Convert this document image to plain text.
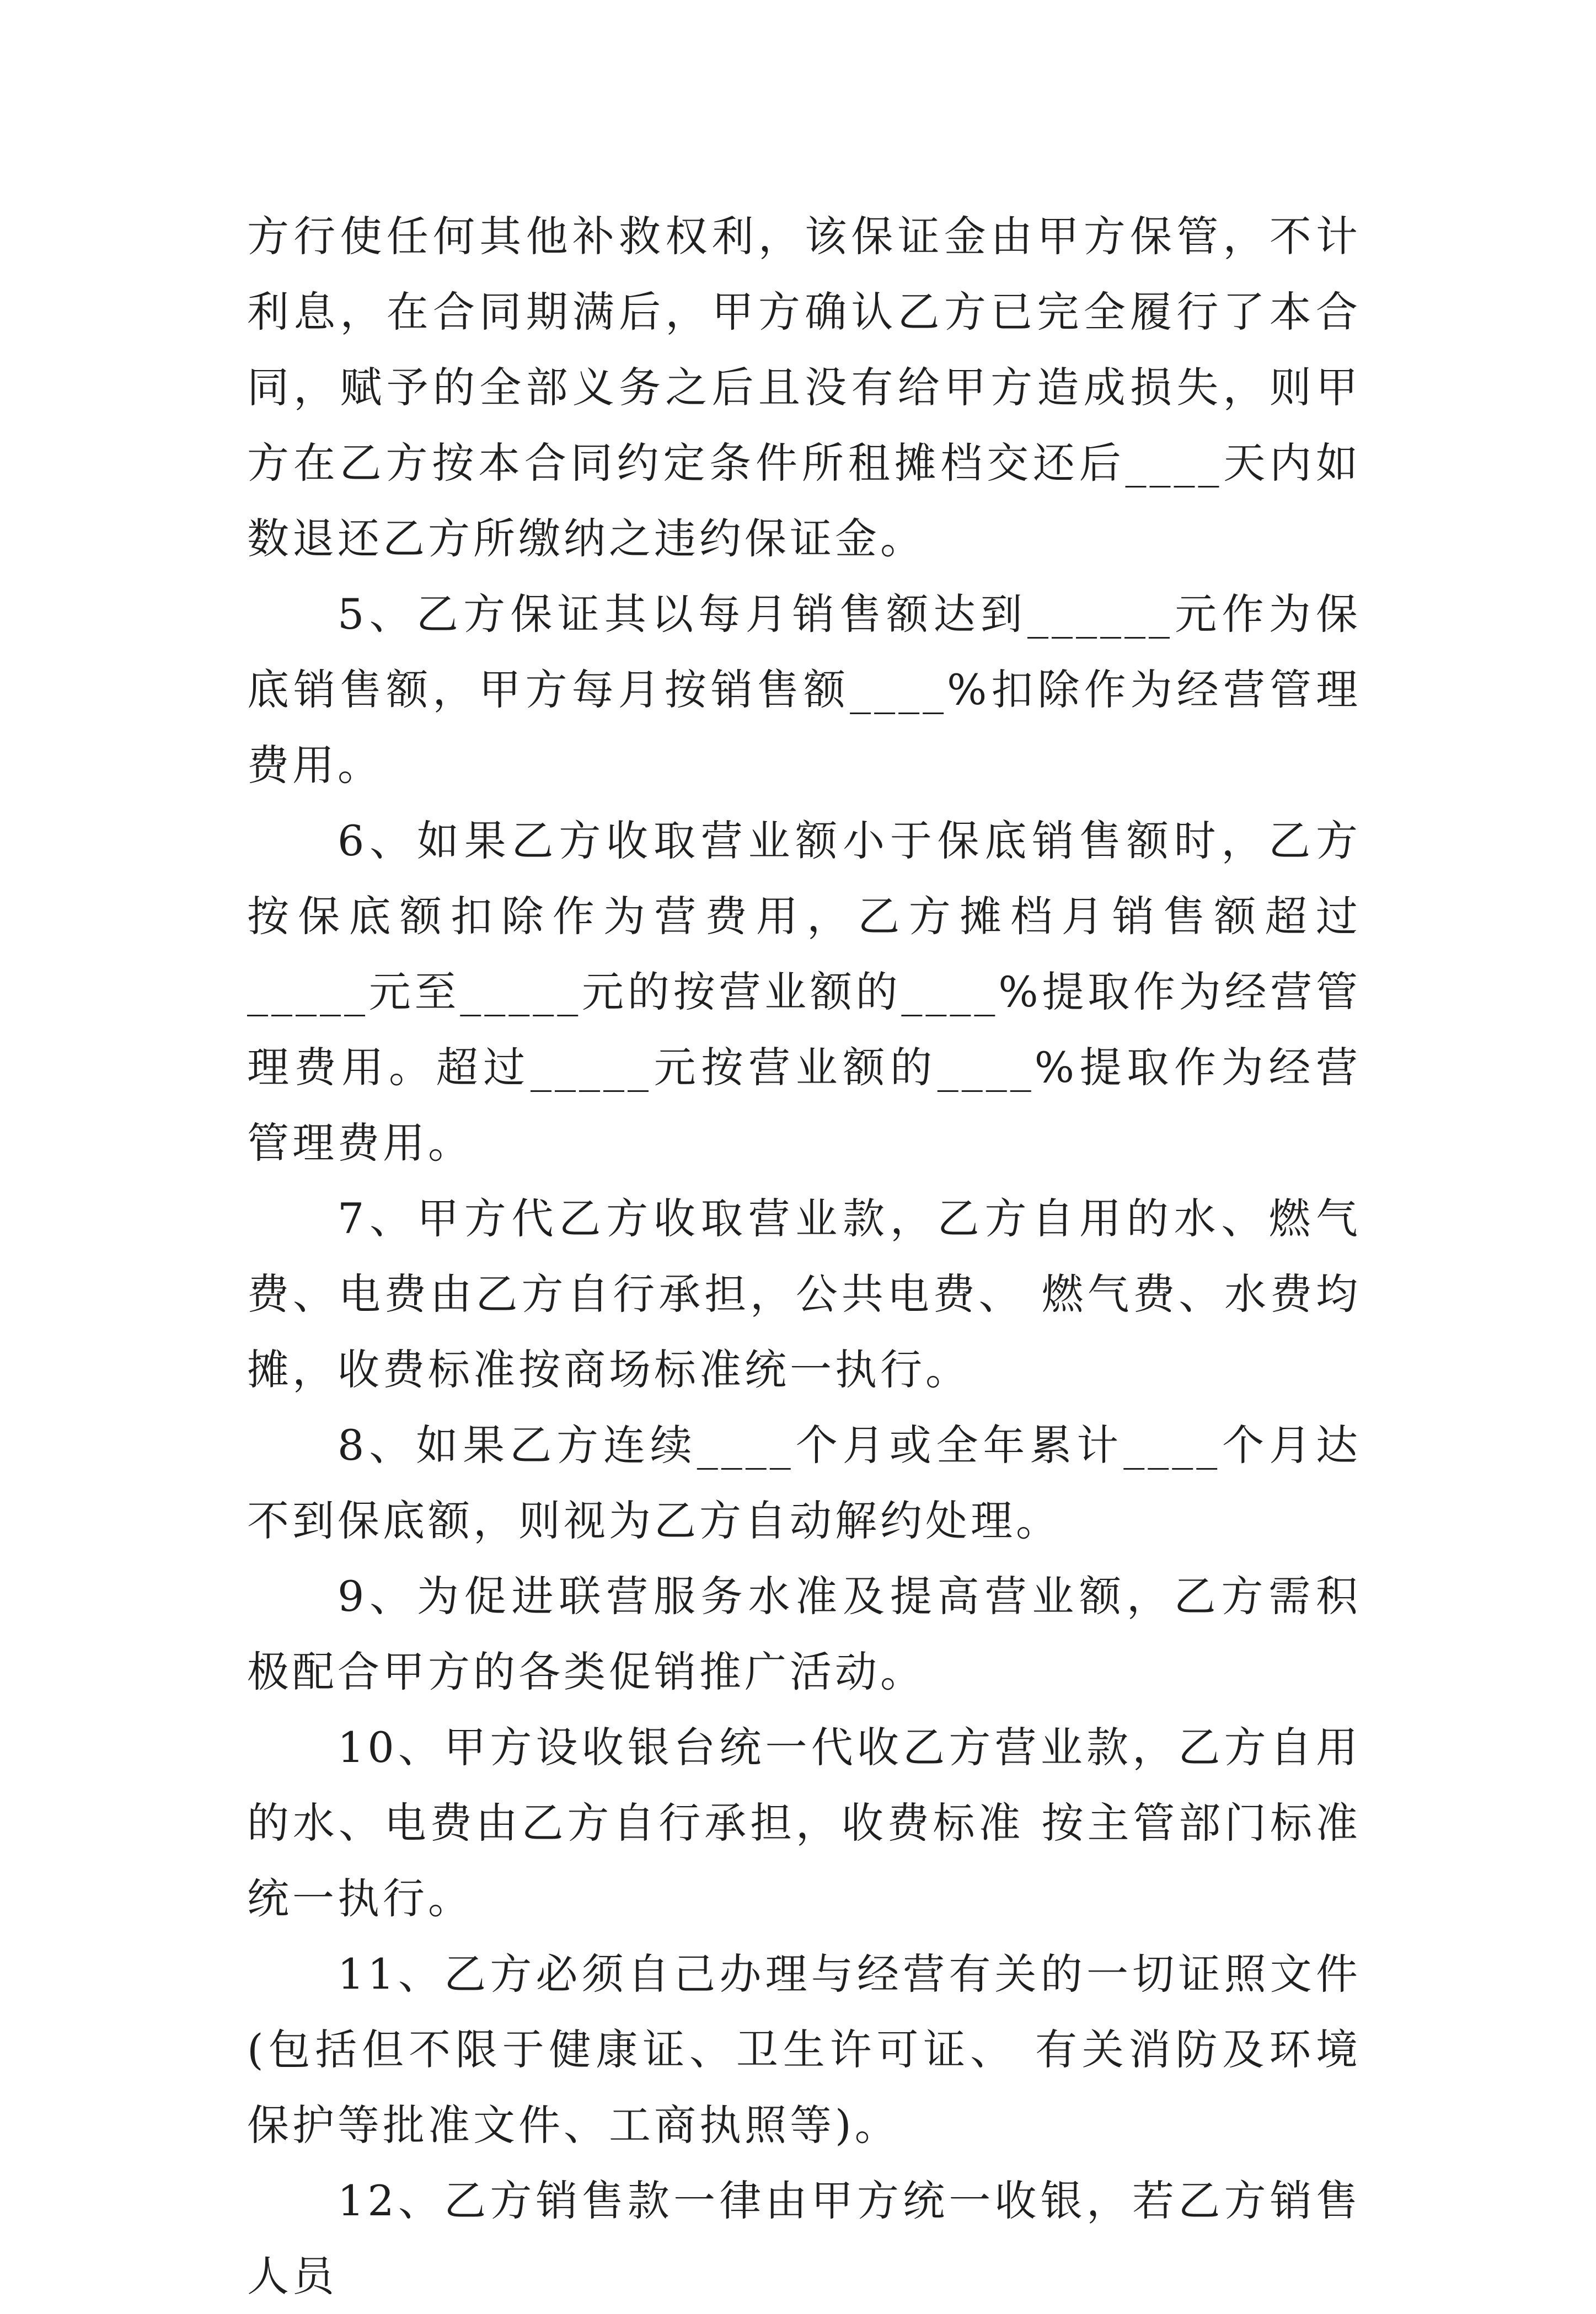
方行使任何其他补救权利，该保证金由甲方保管，不计利息，在合同期满后，甲方确认乙方已完全履行了本合同，赋予的全部义务之后且没有给甲方造成损失，则甲方在乙方按本合同约定条件所租摊档交还后____天内如数退还乙方所缴纳之违约保证金。

5、乙方保证其以每月销售额达到______元作为保底销售额，甲方每月按销售额____%扣除作为经营管理费用。

6、如果乙方收取营业额小于保底销售额时，乙方按保底额扣除作为营费用，乙方摊档月销售额超过_____元至_____元的按营业额的____%提取作为经营管理费用。超过_____元按营业额的____%提取作为经营管理费用。

7、甲方代乙方收取营业款，乙方自用的水、燃气费、电费由乙方自行承担，公共电费、 燃气费、水费均摊，收费标准按商场标准统一执行。

8、如果乙方连续____个月或全年累计____个月达不到保底额，则视为乙方自动解约处理。

9、为促进联营服务水准及提高营业额，乙方需积极配合甲方的各类促销推广活动。

10、甲方设收银台统一代收乙方营业款，乙方自用的水、电费由乙方自行承担，收费标准 按主管部门标准统一执行。

11、乙方必须自己办理与经营有关的一切证照文件(包括但不限于健康证、卫生许可证、 有关消防及环境保护等批准文件、工商执照等)。

12、乙方销售款一律由甲方统一收银，若乙方销售人员
